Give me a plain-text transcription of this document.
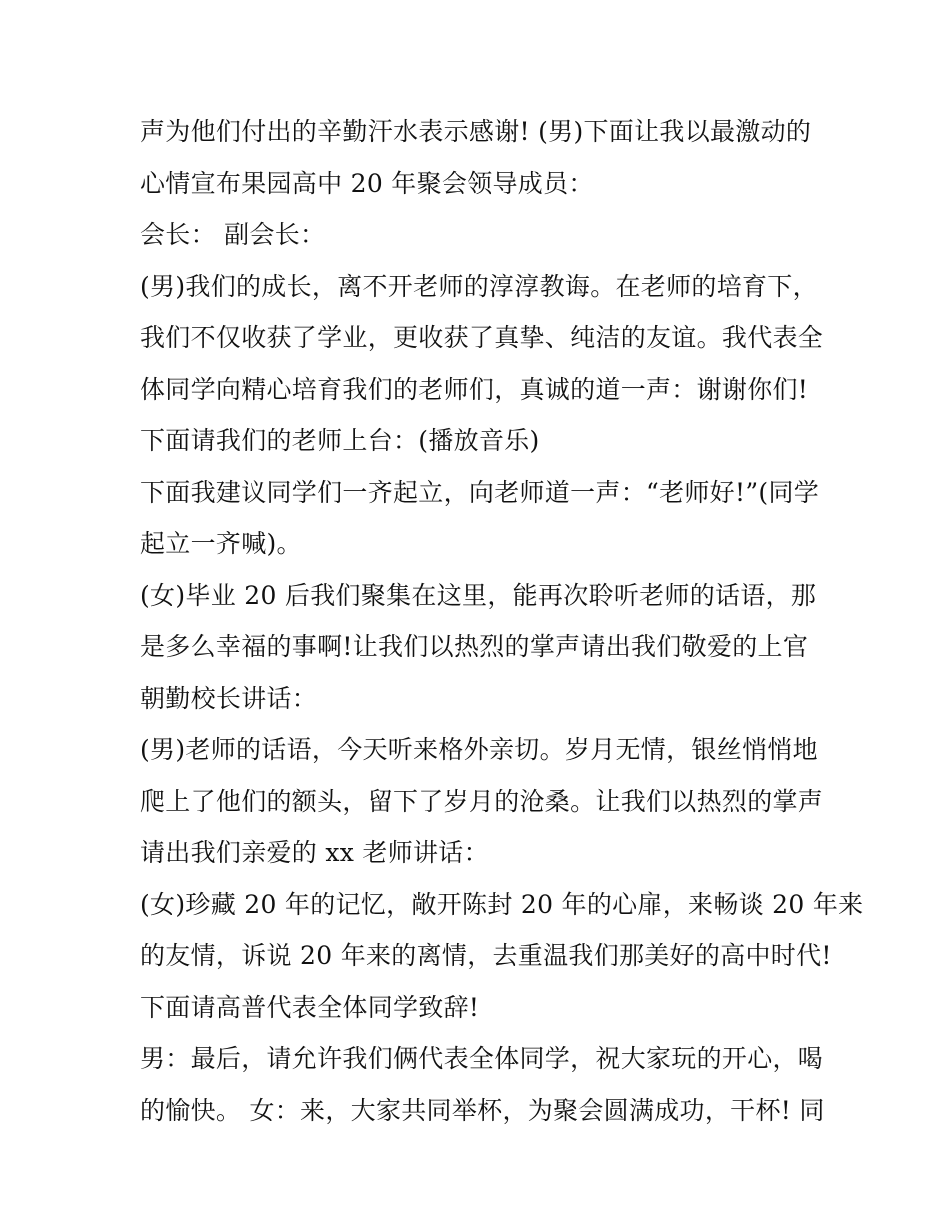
声为他们付出的辛勤汗水表示感谢! (男)下面让我以最激动的
心情宣布果园高中 20 年聚会领导成员：
会长： 副会长：
(男)我们的成长，离不开老师的淳淳教诲。在老师的培育下，
我们不仅收获了学业，更收获了真挚、纯洁的友谊。我代表全
体同学向精心培育我们的老师们，真诚的道一声：谢谢你们!
下面请我们的老师上台：(播放音乐)
下面我建议同学们一齐起立，向老师道一声：“老师好!”(同学
起立一齐喊)。
(女)毕业 20 后我们聚集在这里，能再次聆听老师的话语，那
是多么幸福的事啊!让我们以热烈的掌声请出我们敬爱的上官
朝勤校长讲话：
(男)老师的话语，今天听来格外亲切。岁月无情，银丝悄悄地
爬上了他们的额头，留下了岁月的沧桑。让我们以热烈的掌声
请出我们亲爱的 xx 老师讲话：
(女)珍藏 20 年的记忆，敞开陈封 20 年的心扉，来畅谈 20 年来
的友情，诉说 20 年来的离情，去重温我们那美好的高中时代!
下面请高普代表全体同学致辞!
男：最后，请允许我们俩代表全体同学，祝大家玩的开心，喝
的愉快。 女：来，大家共同举杯，为聚会圆满成功，干杯! 同
